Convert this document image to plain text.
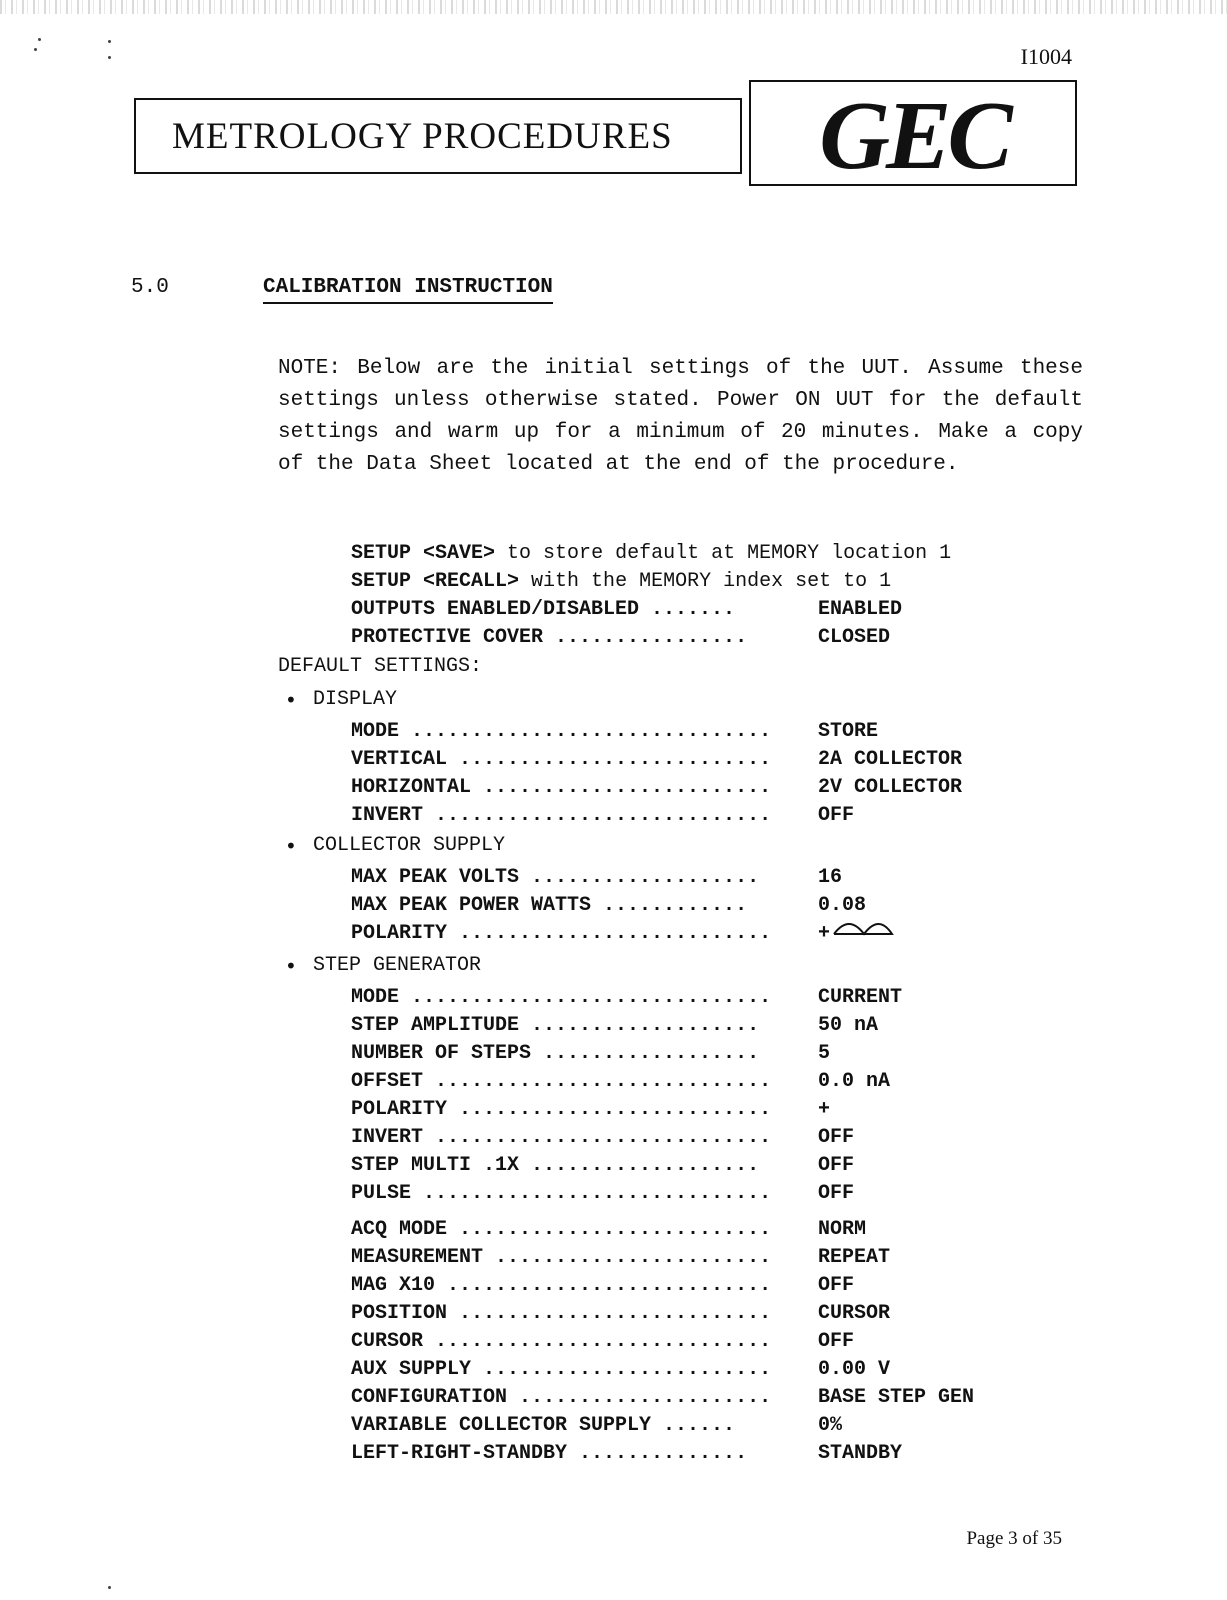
I1004
METROLOGY PROCEDURES GEC
5.0	CALIBRATION INSTRUCTION
NOTE: Below are the initial settings of the UUT. Assume these settings unless otherwise stated. Power ON UUT for the default settings and warm up for a minimum of 20 minutes. Make a copy of the Data Sheet located at the end of the procedure.
SETUP <SAVE> to store default at MEMORY location 1
SETUP <RECALL> with the MEMORY index set to 1
OUTPUTS ENABLED/DISABLED .......	ENABLED
PROTECTIVE COVER ................	CLOSED
DEFAULT SETTINGS:
• DISPLAY
MODE .............................. STORE
VERTICAL .......................... 2A COLLECTOR
HORIZONTAL ........................ 2V COLLECTOR
INVERT ............................ OFF
• COLLECTOR SUPPLY
MAX PEAK VOLTS ...................	16
MAX PEAK POWER WATTS ............	0.08
POLARITY .......................... +
• STEP GENERATOR
MODE .............................. CURRENT
STEP AMPLITUDE ...................	50 nA
NUMBER OF STEPS ..................	5
OFFSET ............................ 0.0 nA
POLARITY .......................... +
INVERT ............................ OFF
STEP MULTI .1X ...................	OFF
PULSE ............................. OFF
ACQ MODE .......................... NORM
MEASUREMENT ....................... REPEAT
MAG X10 ........................... OFF
POSITION .......................... CURSOR
CURSOR ............................ OFF
AUX SUPPLY ........................ 0.00 V
CONFIGURATION ..................... BASE STEP GEN
VARIABLE COLLECTOR SUPPLY ......	0%
LEFT-RIGHT-STANDBY ..............	STANDBY
Page 3 of 35
